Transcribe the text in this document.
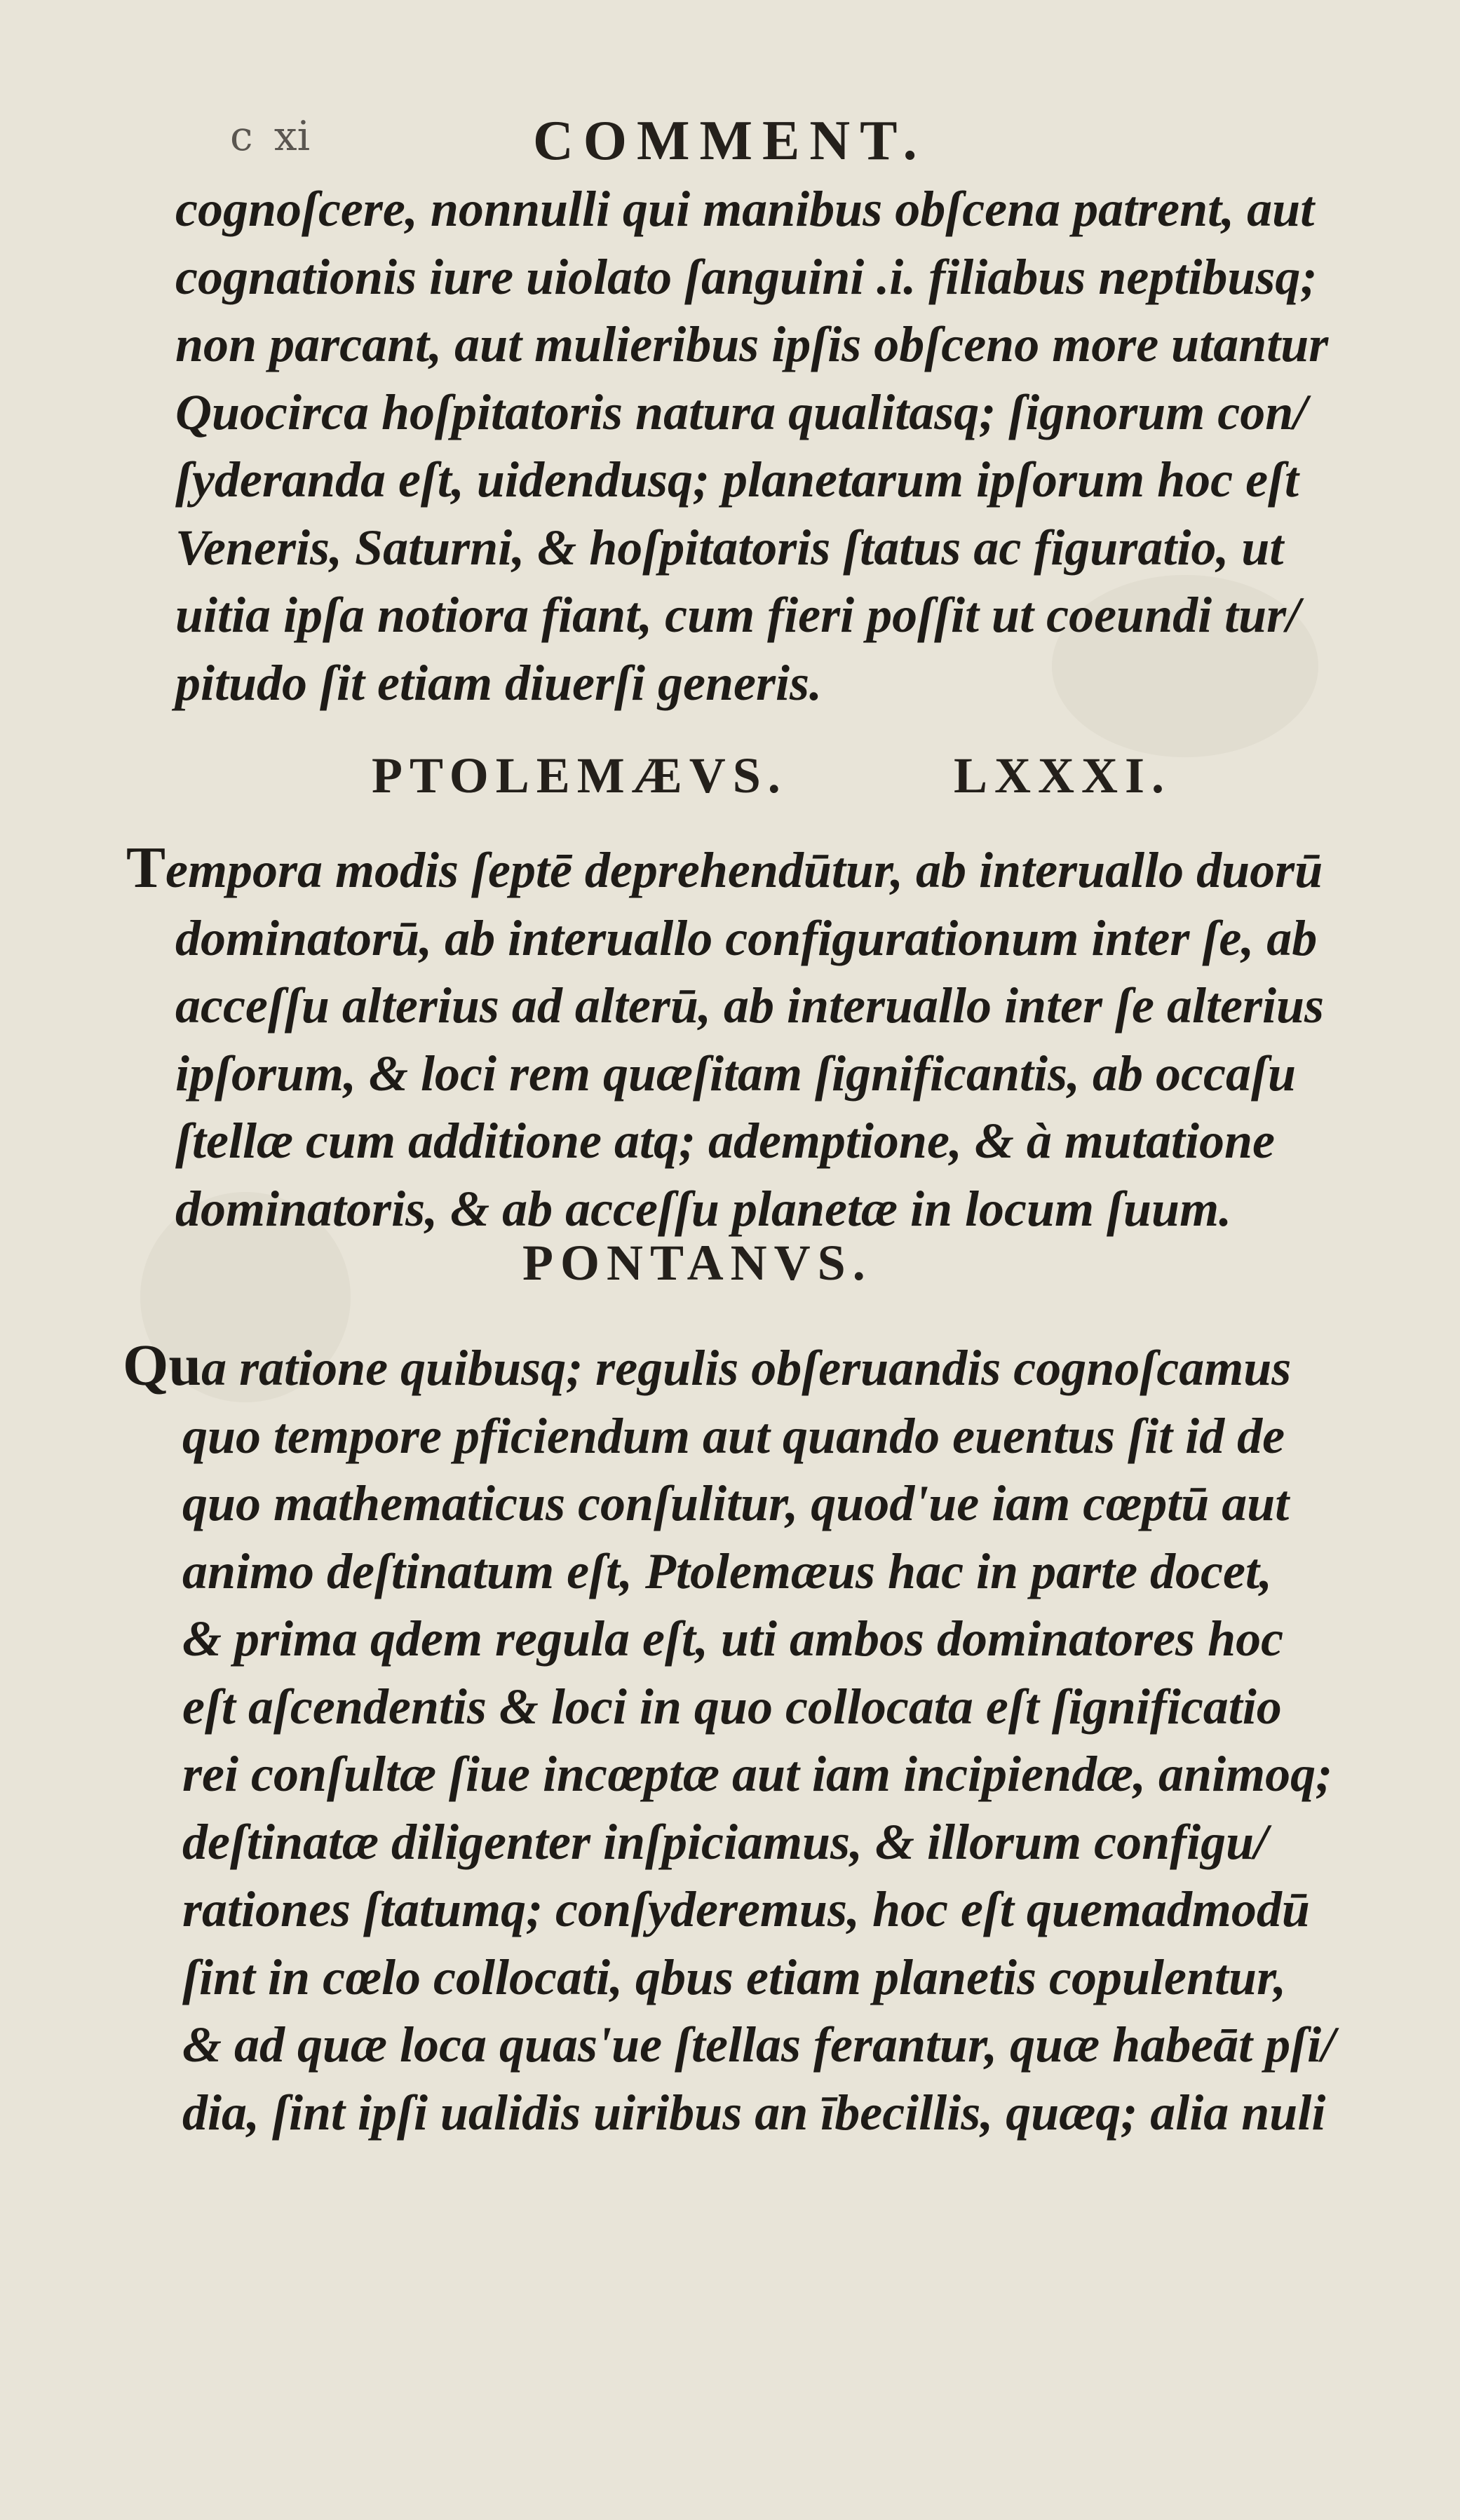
ⅽ ⅺ	COMMENT.
cognoſcere, nonnulli qui manibus obſcena patrent, aut
cognationis iure uiolato ſanguini .i. filiabus neptibusq;
non parcant, aut mulieribus ipſis obſceno more utantur
Quocirca hoſpitatoris natura qualitasq; ſignorum con/
ſyderanda eſt, uidendusq; planetarum ipſorum hoc eſt
Veneris, Saturni, & hoſpitatoris ſtatus ac figuratio, ut
uitia ipſa notiora fiant, cum fieri poſſit ut coeundi tur/
pitudo ſit etiam diuerſi generis.
PTOLEMÆVS.	LXXXI.
Tempora modis ſeptē deprehendūtur, ab interuallo duorū
dominatorū, ab interuallo configurationum inter ſe, ab
acceſſu alterius ad alterū, ab interuallo inter ſe alterius
ipſorum, & loci rem quæſitam ſignificantis, ab occaſu
ſtellæ cum additione atq; ademptione, & à mutatione
dominatoris, & ab acceſſu planetæ in locum ſuum.
PONTANVS.
Qua ratione quibusq; regulis obſeruandis cognoſcamus
quo tempore pficiendum aut quando euentus ſit id de
quo mathematicus conſulitur, quod'ue iam cœptū aut
animo deſtinatum eſt, Ptolemæus hac in parte docet,
& prima qdem regula eſt, uti ambos dominatores hoc
eſt aſcendentis & loci in quo collocata eſt ſignificatio
rei conſultæ ſiue incœptæ aut iam incipiendæ, animoq;
deſtinatæ diligenter inſpiciamus, & illorum configu/
rationes ſtatumq; conſyderemus, hoc eſt quemadmodū
ſint in cœlo collocati, qbus etiam planetis copulentur,
& ad quæ loca quas'ue ſtellas ferantur, quæ habeāt pſi/
dia, ſint ipſi ualidis uiribus an ībecillis, quæq; alia nuli
